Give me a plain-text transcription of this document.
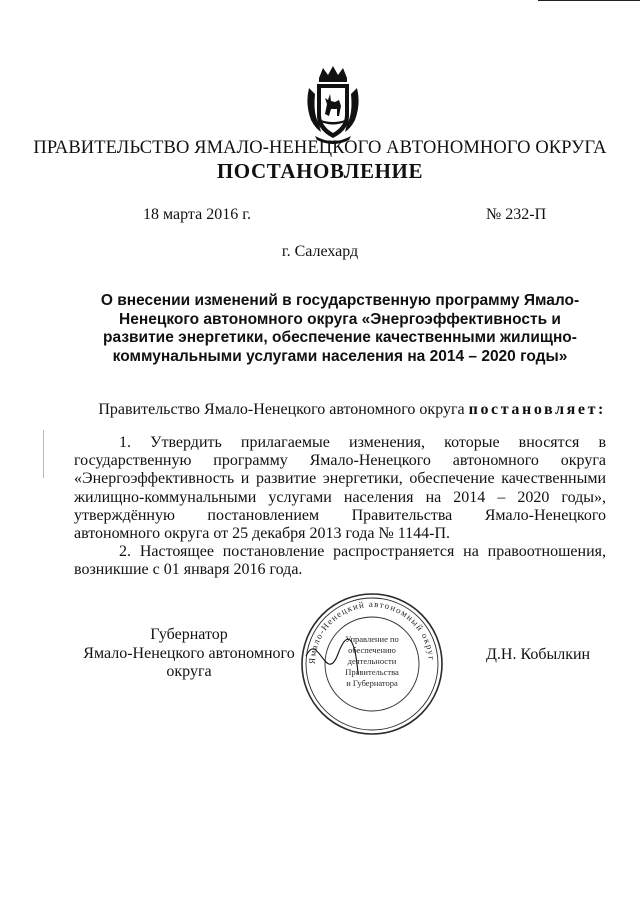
ПРАВИТЕЛЬСТВО ЯМАЛО-НЕНЕЦКОГО АВТОНОМНОГО ОКРУГА
ПОСТАНОВЛЕНИЕ
18 марта 2016 г.	№ 232-П
г. Салехард
О внесении изменений в государственную программу Ямало-Ненецкого автономного округа «Энергоэффективность и развитие энергетики, обеспечение качественными жилищно-коммунальными услугами населения на 2014 – 2020 годы»
Правительство Ямало-Ненецкого автономного округа постановляет:
1. Утвердить прилагаемые изменения, которые вносятся в государственную программу Ямало-Ненецкого автономного округа «Энергоэффективность и развитие энергетики, обеспечение качественными жилищно-коммунальными услугами населения на 2014 – 2020 годы», утверждённую постановлением Правительства Ямало-Ненецкого автономного округа от 25 декабря 2013 года № 1144-П.
2. Настоящее постановление распространяется на правоотношения, возникшие с 01 января 2016 года.
Губернатор
Ямало-Ненецкого автономного округа
Д.Н. Кобылкин
Ямало-Ненецкий автономный округ
Управление по
обеспечению
деятельности
Правительства
и Губернатора
